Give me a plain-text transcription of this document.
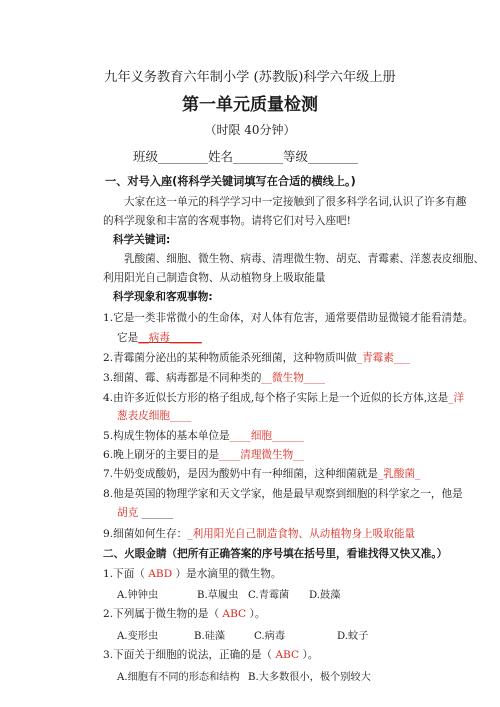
九年义务教育六年制小学 (苏教版)科学六年级上册
第一单元质量检测
（时限 40分钟）
班级________姓名________等级________
一、对号入座(将科学关键词填写在合适的横线上。)
大家在这一单元的科学学习中一定接触到了很多科学名词,认识了许多有趣
的科学现象和丰富的客观事物。请将它们对号入座吧!
科学关键词:
乳酸菌、细胞、微生物、病毒、清理微生物、胡克、青霉素、洋葱表皮细胞、
利用阳光自己制造食物、从动植物身上吸取能量
科学现象和客观事物:
1.它是一类非常微小的生命体，对人体有危害，通常要借助显微镜才能看清楚。
它是__病毒______
2.青霉菌分泌出的某种物质能杀死细菌，这种物质叫做_青霉素___
3.细菌、霉、病毒都是不同种类的__微生物____
4.由许多近似长方形的格子组成,每个格子实际上是一个近似的长方体,这是_洋
葱表皮细胞____
5.构成生物体的基本单位是____细胞______
6.晚上刷牙的主要目的是____清理微生物__
7.牛奶变成酸奶，是因为酸奶中有一种细菌，这种细菌就是_乳酸菌_
8.他是英国的物理学家和天文学家，他是最早观察到细胞的科学家之一，他是
胡克 ______
9.细菌如何生存：_利用阳光自己制造食物、从动植物身上吸取能量
二、火眼金睛（把所有正确答案的序号填在括号里，看谁找得又快又准。）
1.下面（ ABD ）是水滴里的微生物。
A.钟钟虫	B.草履虫 C.青霉菌 D.鼓藻
2.下列属于微生物的是（ ABC ）。
A.变形虫	B.硅藻	C.病毒	D.蚊子
3.下面关于细胞的说法，正确的是（ ABC ）。
A.细胞有不同的形态和结构 B.大多数很小，极个别较大
